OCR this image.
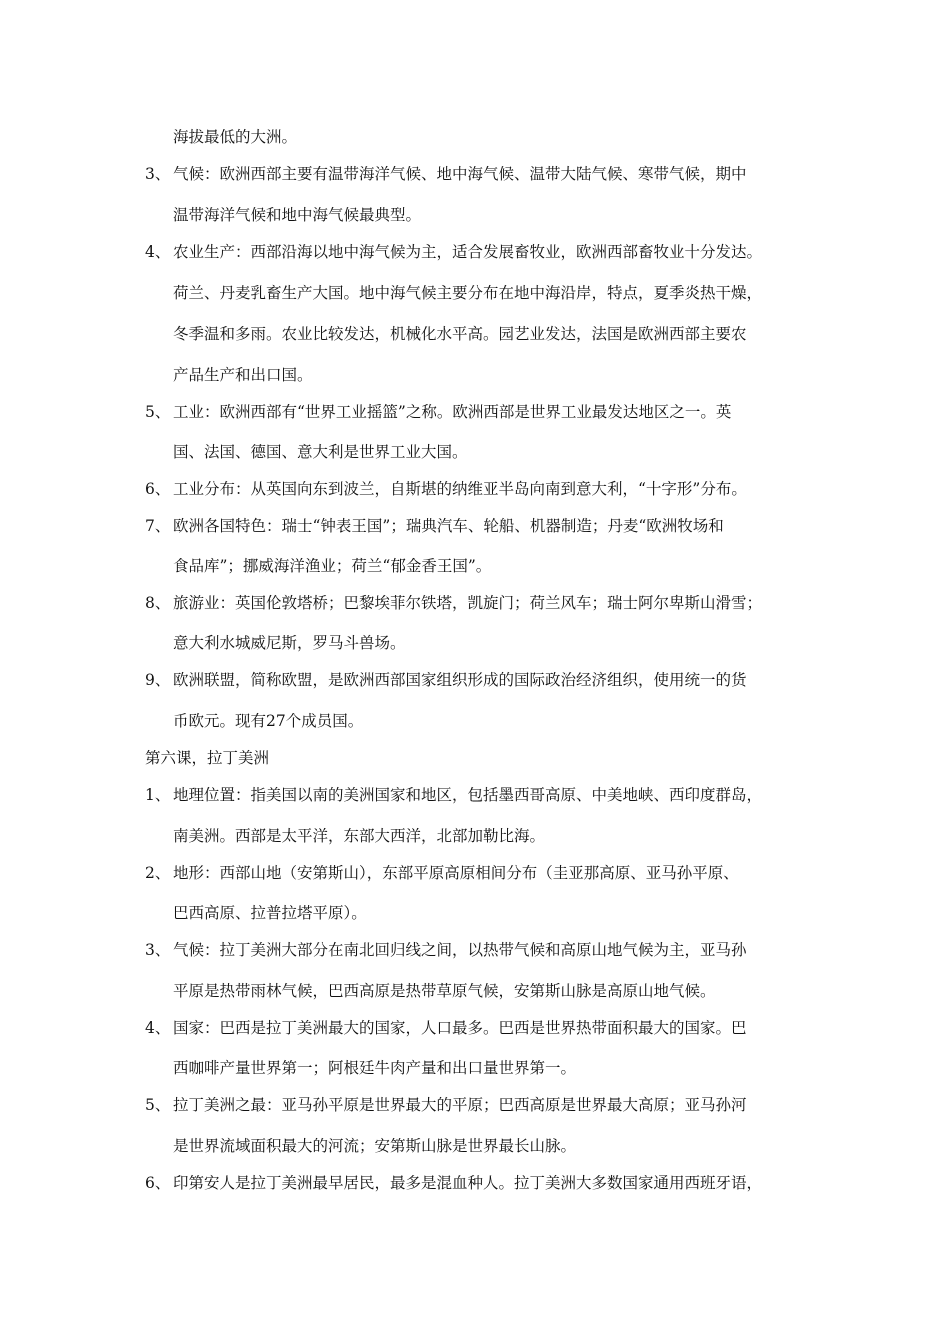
海拔最低的大洲。
3、 气候：欧洲西部主要有温带海洋气候、地中海气候、温带大陆气候、寒带气候，期中
温带海洋气候和地中海气候最典型。
4、 农业生产：西部沿海以地中海气候为主，适合发展畜牧业，欧洲西部畜牧业十分发达。
荷兰、丹麦乳畜生产大国。地中海气候主要分布在地中海沿岸，特点，夏季炎热干燥，
冬季温和多雨。农业比较发达，机械化水平高。园艺业发达，法国是欧洲西部主要农
产品生产和出口国。
5、 工业：欧洲西部有“世界工业摇篮”之称。欧洲西部是世界工业最发达地区之一。英
国、法国、德国、意大利是世界工业大国。
6、 工业分布：从英国向东到波兰，自斯堪的纳维亚半岛向南到意大利，“十字形”分布。
7、 欧洲各国特色：瑞士“钟表王国”；瑞典汽车、轮船、机器制造；丹麦“欧洲牧场和
食品库”；挪威海洋渔业；荷兰“郁金香王国”。
8、 旅游业：英国伦敦塔桥；巴黎埃菲尔铁塔，凯旋门；荷兰风车；瑞士阿尔卑斯山滑雪；
意大利水城威尼斯，罗马斗兽场。
9、 欧洲联盟，简称欧盟，是欧洲西部国家组织形成的国际政治经济组织，使用统一的货
币欧元。现有27个成员国。
第六课，拉丁美洲
1、 地理位置：指美国以南的美洲国家和地区，包括墨西哥高原、中美地峡、西印度群岛，
南美洲。西部是太平洋，东部大西洋，北部加勒比海。
2、 地形：西部山地（安第斯山），东部平原高原相间分布（圭亚那高原、亚马孙平原、
巴西高原、拉普拉塔平原）。
3、 气候：拉丁美洲大部分在南北回归线之间，以热带气候和高原山地气候为主，亚马孙
平原是热带雨林气候，巴西高原是热带草原气候，安第斯山脉是高原山地气候。
4、 国家：巴西是拉丁美洲最大的国家，人口最多。巴西是世界热带面积最大的国家。巴
西咖啡产量世界第一；阿根廷牛肉产量和出口量世界第一。
5、 拉丁美洲之最：亚马孙平原是世界最大的平原；巴西高原是世界最大高原；亚马孙河
是世界流域面积最大的河流；安第斯山脉是世界最长山脉。
6、 印第安人是拉丁美洲最早居民，最多是混血种人。拉丁美洲大多数国家通用西班牙语，
